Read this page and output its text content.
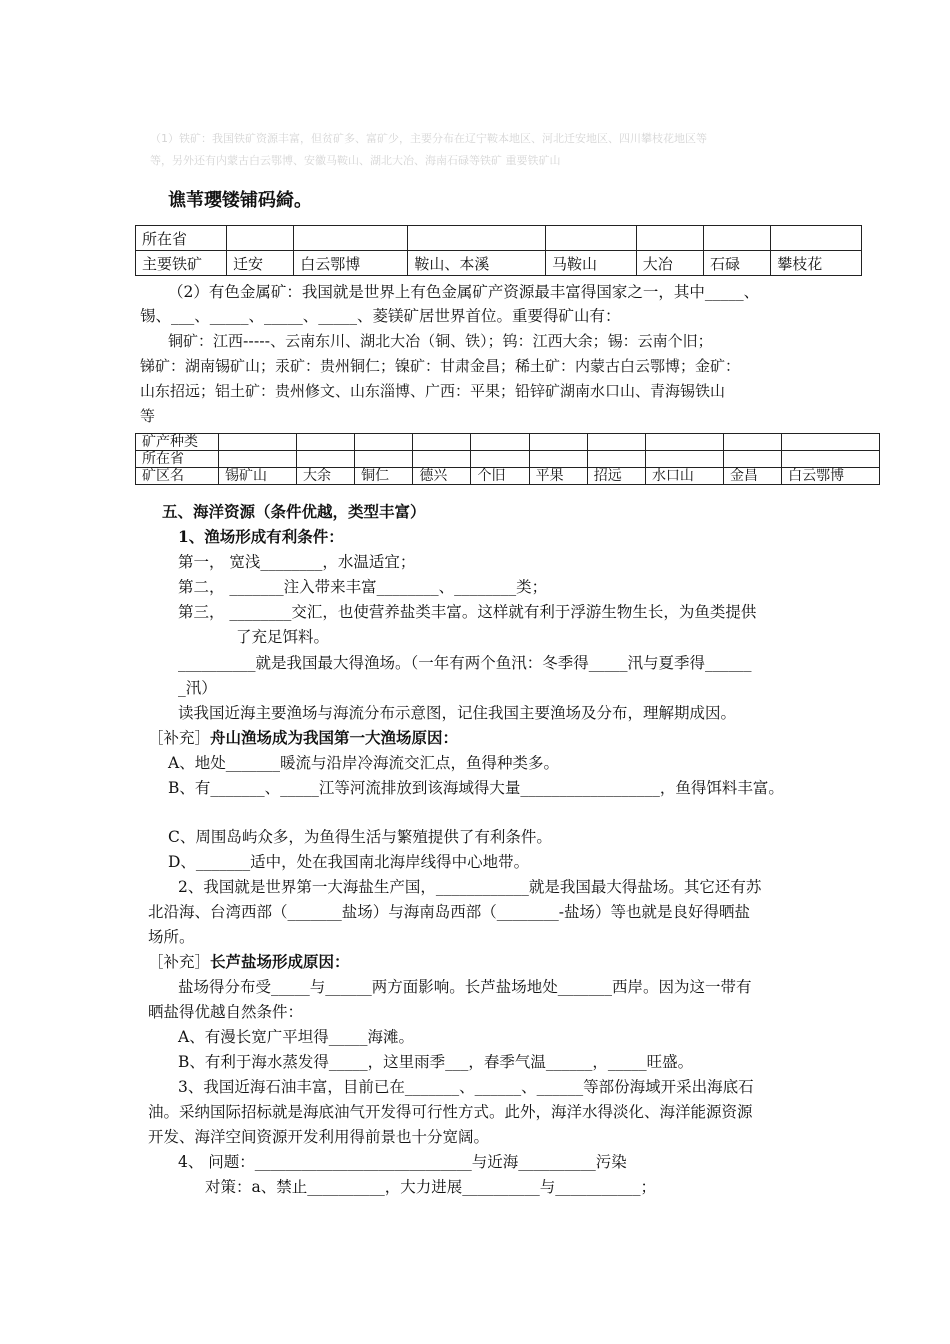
（1）铁矿：我国铁矿资源丰富，但贫矿多、富矿少，主要分布在辽宁鞍本地区、河北迁安地区、四川攀枝花地区等
等，另外还有内蒙古白云鄂博、安徽马鞍山、湖北大冶、海南石碌等铁矿 重要铁矿山
谯苇瓔镂铺码綺。
所在省							
主要铁矿	迁安	白云鄂博	鞍山、本溪	马鞍山	大冶	石碌	攀枝花
（2）有色金属矿：我国就是世界上有色金属矿产资源最丰富得国家之一，其中_____、
锡、___、_____、_____、_____、菱镁矿居世界首位。重要得矿山有：
铜矿：江西-----、云南东川、湖北大冶（铜、铁）；钨：江西大余；锡：云南个旧；
锑矿：湖南锡矿山；汞矿：贵州铜仁；镍矿：甘肃金昌；稀土矿：内蒙古白云鄂博；金矿：
山东招远；铝土矿：贵州修文、山东淄博、广西：平果；铅锌矿湖南水口山、青海锡铁山
等
矿产种类										
所在省										
矿区名	锡矿山	大余	铜仁	德兴	个旧	平果	招远	水口山	金昌	白云鄂博
五、海洋资源（条件优越，类型丰富）
1、渔场形成有利条件：
第一， 宽浅________，水温适宜；
第二， _______注入带来丰富________、________类；
第三， ________交汇，也使营养盐类丰富。这样就有利于浮游生物生长，为鱼类提供
了充足饵料。
__________就是我国最大得渔场。（一年有两个鱼汛：冬季得_____汛与夏季得______
_汛）
读我国近海主要渔场与海流分布示意图，记住我国主要渔场及分布，理解期成因。
［补充］舟山渔场成为我国第一大渔场原因：
A、地处_______暖流与沿岸冷海流交汇点，鱼得种类多。
B、有_______、_____江等河流排放到该海域得大量__________________，鱼得饵料丰富。
C、周围岛屿众多，为鱼得生活与繁殖提供了有利条件。
D、_______适中，处在我国南北海岸线得中心地带。
2、我国就是世界第一大海盐生产国，____________就是我国最大得盐场。其它还有苏
北沿海、台湾西部（_______盐场）与海南岛西部（________-盐场）等也就是良好得晒盐
场所。
［补充］长芦盐场形成原因：
盐场得分布受_____与______两方面影响。长芦盐场地处_______西岸。因为这一带有
晒盐得优越自然条件：
A、有漫长宽广平坦得_____海滩。
B、有利于海水蒸发得_____，这里雨季___，春季气温______，_____旺盛。
3、我国近海石油丰富，目前已在_______、______、______等部份海域开采出海底石
油。采纳国际招标就是海底油气开发得可行性方式。此外，海洋水得淡化、海洋能源资源
开发、海洋空间资源开发利用得前景也十分宽阔。
4、 问题：____________________________与近海__________污染
对策：a、禁止__________，大力进展__________与___________；
